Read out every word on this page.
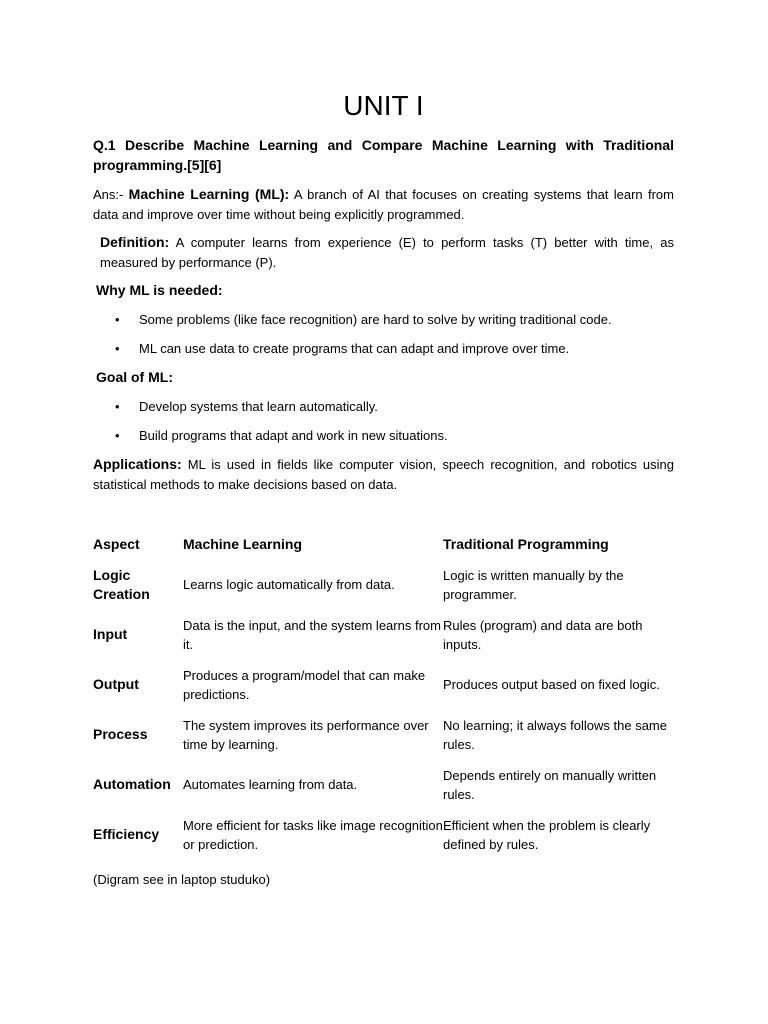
UNIT I
Q.1 Describe Machine Learning and Compare Machine Learning with Traditional programming.[5][6]

Ans:- Machine Learning (ML): A branch of AI that focuses on creating systems that learn from data and improve over time without being explicitly programmed.

Definition: A computer learns from experience (E) to perform tasks (T) better with time, as measured by performance (P).

Why ML is needed:
• Some problems (like face recognition) are hard to solve by writing traditional code.
• ML can use data to create programs that can adapt and improve over time.
Goal of ML:
• Develop systems that learn automatically.
• Build programs that adapt and work in new situations.

Applications: ML is used in fields like computer vision, speech recognition, and robotics using statistical methods to make decisions based on data.

Aspect	Machine Learning	Traditional Programming
Logic Creation	Learns logic automatically from data.	Logic is written manually by the programmer.
Input	Data is the input, and the system learns from it.	Rules (program) and data are both inputs.
Output	Produces a program/model that can make predictions.	Produces output based on fixed logic.
Process	The system improves its performance over time by learning.	No learning; it always follows the same rules.
Automation	Automates learning from data.	Depends entirely on manually written rules.
Efficiency	More efficient for tasks like image recognition or prediction.	Efficient when the problem is clearly defined by rules.
(Digram see in laptop studuko)
